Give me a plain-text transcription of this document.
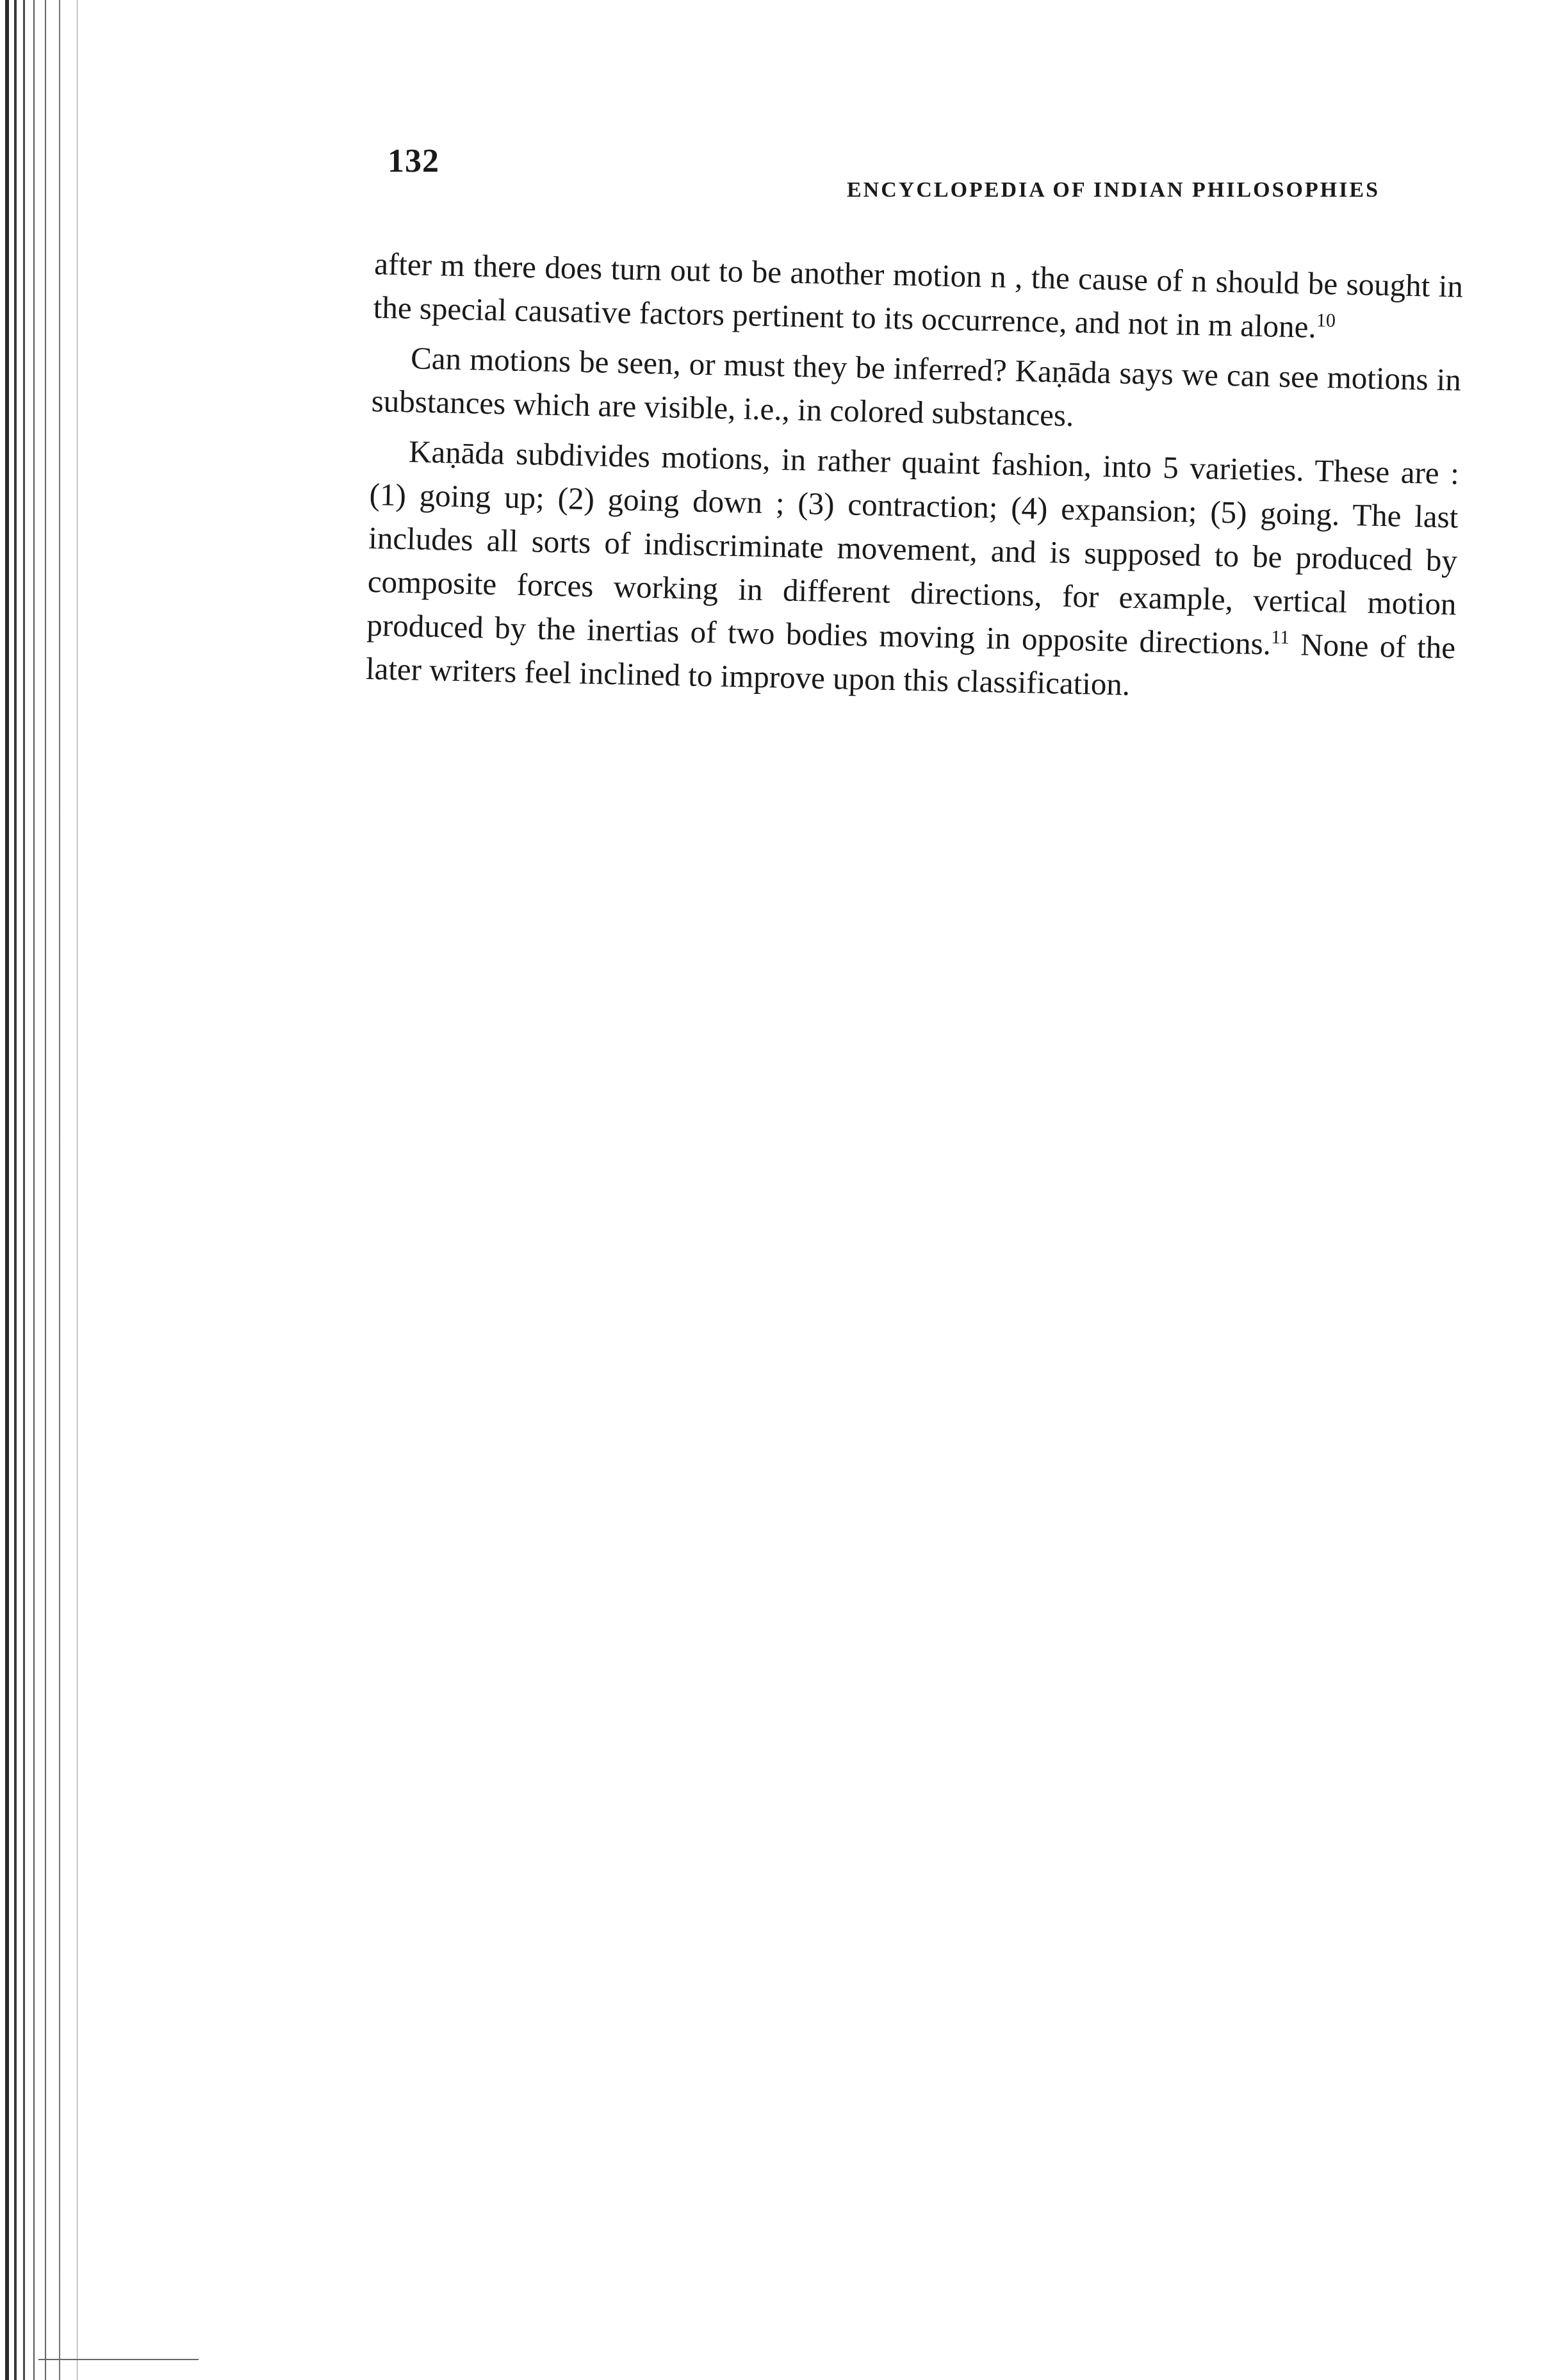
132
ENCYCLOPEDIA OF INDIAN PHILOSOPHIES

after m there does turn out to be another motion n , the cause of n should be sought in the special causative factors pertinent to its occurrence, and not in m alone.$^{10}$

Can motions be seen, or must they be inferred? Kaṇāda says we can see motions in substances which are visible, i.e., in colored substances.

Kaṇāda subdivides motions, in rather quaint fashion, into 5 varieties. These are : (1) going up; (2) going down ; (3) contraction; (4) expansion; (5) going. The last includes all sorts of indiscriminate movement, and is supposed to be produced by composite forces working in different directions, for example, vertical motion produced by the inertias of two bodies moving in opposite directions.$^{11}$ None of the later writers feel inclined to improve upon this classification.
